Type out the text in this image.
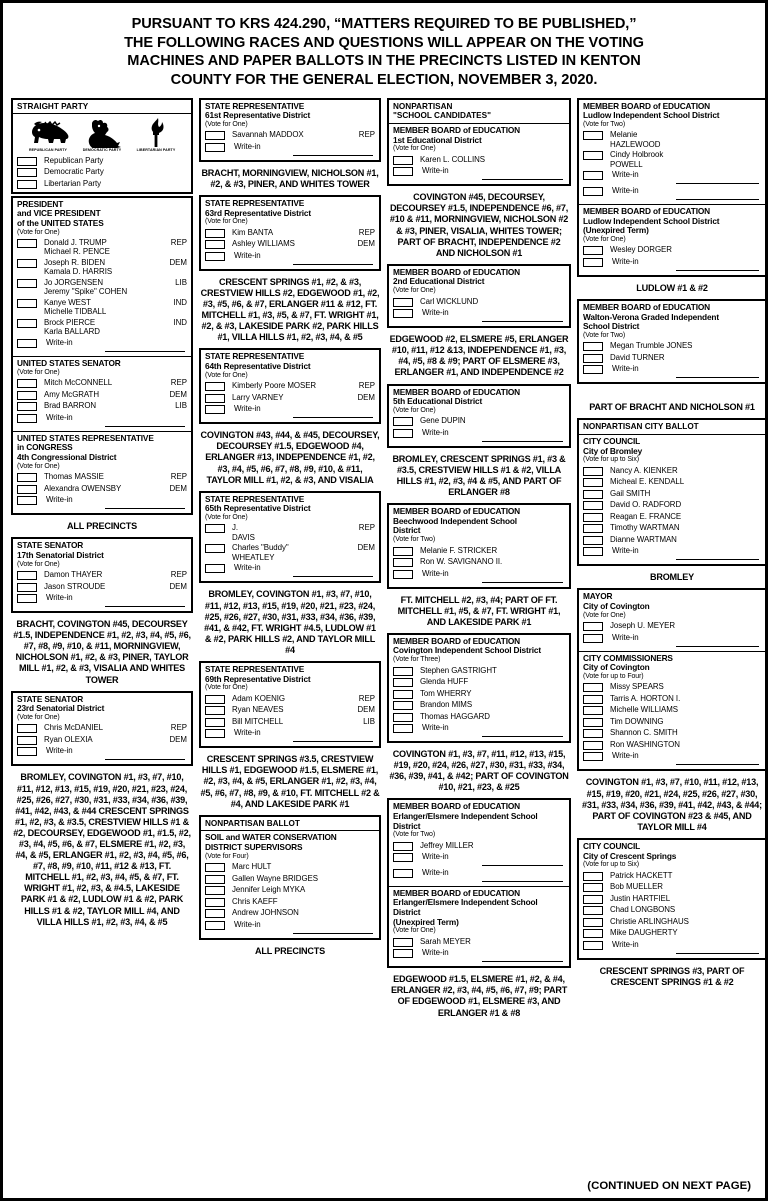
PURSUANT TO KRS 424.290, “MATTERS REQUIRED TO BE PUBLISHED,”
THE FOLLOWING RACES AND QUESTIONS WILL APPEAR ON THE VOTING
MACHINES AND PAPER BALLOTS IN THE PRECINCTS LISTED IN KENTON
COUNTY FOR THE GENERAL ELECTION, NOVEMBER 3, 2020.
STRAIGHT PARTY
REPUBLICAN PARTY	DEMOCRATIC PARTY	LIBERTARIAN PARTY
Republican Party
Democratic Party
Libertarian Party
PRESIDENT
and VICE PRESIDENT
of the UNITED STATES
(Vote for One)
Donald J. TRUMP
Michael R. PENCE
REP
Joseph R. BIDEN
Kamala D. HARRIS
DEM
Jo JORGENSEN
Jeremy "Spike" COHEN
LIB
Kanye WEST
Michelle TIDBALL
IND
Brock PIERCE
Karla BALLARD
IND
Write-in
UNITED STATES SENATOR
(Vote for One)
Mitch McCONNELL	REP
Amy McGRATH	DEM
Brad BARRON	LIB
Write-in
UNITED STATES REPRESENTATIVE
in CONGRESS
4th Congressional District
(Vote for One)
Thomas MASSIE	REP
Alexandra OWENSBY	DEM
Write-in
ALL PRECINCTS
STATE SENATOR
17th Senatorial District
(Vote for One)
Damon THAYER	REP
Jason STROUDE	DEM
Write-in
BRACHT, COVINGTON #45, DECOURSEY #1.5, INDEPENDENCE #1, #2, #3, #4, #5, #6, #7, #8, #9, #10, & #11, MORNINGVIEW, NICHOLSON #1, #2, & #3, PINER, TAYLOR MILL #1, #2, & #3, VISALIA AND WHITES TOWER
STATE SENATOR
23rd Senatorial District
(Vote for One)
Chris McDANIEL	REP
Ryan OLEXIA	DEM
Write-in
BROMLEY, COVINGTON #1, #3, #7, #10, #11, #12, #13, #15, #19, #20, #21, #23, #24, #25, #26, #27, #30, #31, #33, #34, #36, #39, #41, #42, #43, & #44 CRESCENT SPRINGS #1, #2, #3, & #3.5, CRESTVIEW HILLS #1 & #2, DECOURSEY, EDGEWOOD #1, #1.5, #2, #3, #4, #5, #6, & #7, ELSMERE #1, #2, #3, #4, & #5, ERLANGER #1, #2, #3, #4, #5, #6, #7, #8, #9, #10, #11, #12 & #13, FT. MITCHELL #1, #2, #3, #4, #5, & #7, FT. WRIGHT #1, #2, #3, & #4.5, LAKESIDE PARK #1 & #2, LUDLOW #1 & #2, PARK HILLS #1 & #2, TAYLOR MILL #4, AND VILLA HILLS #1, #2, #3, #4, & #5
STATE REPRESENTATIVE
61st Representative District
(Vote for One)
Savannah MADDOX	REP
Write-in
BRACHT, MORNINGVIEW, NICHOLSON #1, #2, & #3, PINER, AND WHITES TOWER
STATE REPRESENTATIVE
63rd Representative District
(Vote for One)
Kim BANTA	REP
Ashley WILLIAMS	DEM
Write-in
CRESCENT SPRINGS #1, #2, & #3, CRESTVIEW HILLS #2, EDGEWOOD #1, #2, #3, #5, #6, & #7, ERLANGER #11 & #12, FT. MITCHELL #1, #3, #5, & #7, FT. WRIGHT #1, #2, & #3, LAKESIDE PARK #2, PARK HILLS #1, VILLA HILLS #1, #2, #3, #4, & #5
STATE REPRESENTATIVE
64th Representative District
(Vote for One)
Kimberly Poore MOSER	REP
Larry VARNEY	DEM
Write-in
COVINGTON #43, #44, & #45, DECOURSEY, DECOURSEY #1.5, EDGEWOOD #4, ERLANGER #13, INDEPENDENCE #1, #2, #3, #4, #5, #6, #7, #8, #9, #10, & #11, TAYLOR MILL #1, #2, & #3, AND VISALIA
STATE REPRESENTATIVE
65th Representative District
(Vote for One)
J.
DAVIS
REP
Charles "Buddy"
WHEATLEY
DEM
Write-in
BROMLEY, COVINGTON #1, #3, #7, #10, #11, #12, #13, #15, #19, #20, #21, #23, #24, #25, #26, #27, #30, #31, #33, #34, #36, #39, #41, & #42, FT. WRIGHT #4.5, LUDLOW #1 & #2, PARK HILLS #2, AND TAYLOR MILL #4
STATE REPRESENTATIVE
69th Representative District
(Vote for One)
Adam KOENIG	REP
Ryan NEAVES	DEM
Bill MITCHELL	LIB
Write-in
CRESCENT SPRINGS #3.5, CRESTVIEW HILLS #1, EDGEWOOD #1.5, ELSMERE #1, #2, #3, #4, & #5, ERLANGER #1, #2, #3, #4, #5, #6, #7, #8, #9, & #10, FT. MITCHELL #2 & #4, AND LAKESIDE PARK #1
NONPARTISAN BALLOT
SOIL and WATER CONSERVATION
DISTRICT SUPERVISORS
(Vote for Four)
Marc HULT
Gallen Wayne BRIDGES
Jennifer Leigh MYKA
Chris KAEFF
Andrew JOHNSON
Write-in
ALL PRECINCTS
NONPARTISAN
"SCHOOL CANDIDATES"
MEMBER BOARD of EDUCATION
1st Educational District
(Vote for One)
Karen L. COLLINS
Write-in
COVINGTON #45, DECOURSEY, DECOURSEY #1.5, INDEPENDENCE #6, #7, #10 & #11, MORNINGVIEW, NICHOLSON #2 & #3, PINER, VISALIA, WHITES TOWER; PART OF BRACHT, INDEPENDENCE #2 AND NICHOLSON #1
MEMBER BOARD of EDUCATION
2nd Educational District
(Vote for One)
Carl WICKLUND
Write-in
EDGEWOOD #2, ELSMERE #5, ERLANGER #10, #11, #12 &13, INDEPENDENCE #1, #3, #4, #5, #8 & #9; PART OF ELSMERE #3, ERLANGER #1, AND INDEPENDENCE #2
MEMBER BOARD of EDUCATION
5th Educational District
(Vote for One)
Gene DUPIN
Write-in
BROMLEY, CRESCENT SPRINGS #1, #3 & #3.5, CRESTVIEW HILLS #1 & #2, VILLA HILLS #1, #2, #3, #4 & #5, AND PART OF ERLANGER #8
MEMBER BOARD of EDUCATION
Beechwood Independent School
District
(Vote for Two)
Melanie F. STRICKER
Ron W. SAVIGNANO II.
Write-in
FT. MITCHELL #2, #3, #4; PART OF FT. MITCHELL #1, #5, & #7, FT. WRIGHT #1, AND LAKESIDE PARK #1
MEMBER BOARD of EDUCATION
Covington Independent School District
(Vote for Three)
Stephen GASTRIGHT
Glenda HUFF
Tom WHERRY
Brandon MIMS
Thomas HAGGARD
Write-in
COVINGTON #1, #3, #7, #11, #12, #13, #15, #19, #20, #24, #26, #27, #30, #31, #33, #34, #36, #39, #41, & #42; PART OF COVINGTON #10, #21, #23, & #25
MEMBER BOARD of EDUCATION
Erlanger/Elsmere Independent School
District
(Vote for Two)
Jeffrey MILLER
Write-in
Write-in
MEMBER BOARD of EDUCATION
Erlanger/Elsmere Independent School
District
(Unexpired Term)
(Vote for One)
Sarah MEYER
Write-in
EDGEWOOD #1.5, ELSMERE #1, #2, & #4, ERLANGER #2, #3, #4, #5, #6, #7, #9; PART OF EDGEWOOD #1, ELSMERE #3, AND ERLANGER #1 & #8
MEMBER BOARD of EDUCATION
Ludlow Independent School District
(Vote for Two)
Melanie
HAZLEWOOD
Cindy Holbrook
POWELL
Write-in
Write-in
MEMBER BOARD of EDUCATION
Ludlow Independent School District
(Unexpired Term)
(Vote for One)
Wesley DORGER
Write-in
LUDLOW #1 & #2
MEMBER BOARD of EDUCATION
Walton-Verona Graded Independent
School District
(Vote for Two)
Megan Trumble JONES
David TURNER
Write-in
PART OF BRACHT AND NICHOLSON #1
NONPARTISAN CITY BALLOT
CITY COUNCIL
City of Bromley
(Vote for up to Six)
Nancy A. KIENKER
Micheal E. KENDALL
Gail SMITH
David O. RADFORD
Reagan E. FRANCE
Timothy WARTMAN
Dianne WARTMAN
Write-in
BROMLEY
MAYOR
City of Covington
(Vote for One)
Joseph U. MEYER
Write-in
CITY COMMISSIONERS
City of Covington
(Vote for up to Four)
Missy SPEARS
Tarris A. HORTON I.
Michelle WILLIAMS
Tim DOWNING
Shannon C. SMITH
Ron WASHINGTON
Write-in
COVINGTON #1, #3, #7, #10, #11, #12, #13, #15, #19, #20, #21, #24, #25, #26, #27, #30, #31, #33, #34, #36, #39, #41, #42, #43, & #44; PART OF COVINGTON #23 & #45, AND TAYLOR MILL #4
CITY COUNCIL
City of Crescent Springs
(Vote for up to Six)
Patrick HACKETT
Bob MUELLER
Justin HARTFIEL
Chad LONGBONS
Christie ARLINGHAUS
Mike DAUGHERTY
Write-in
CRESCENT SPRINGS #3, PART OF CRESCENT SPRINGS #1 & #2
(CONTINUED ON NEXT PAGE)
